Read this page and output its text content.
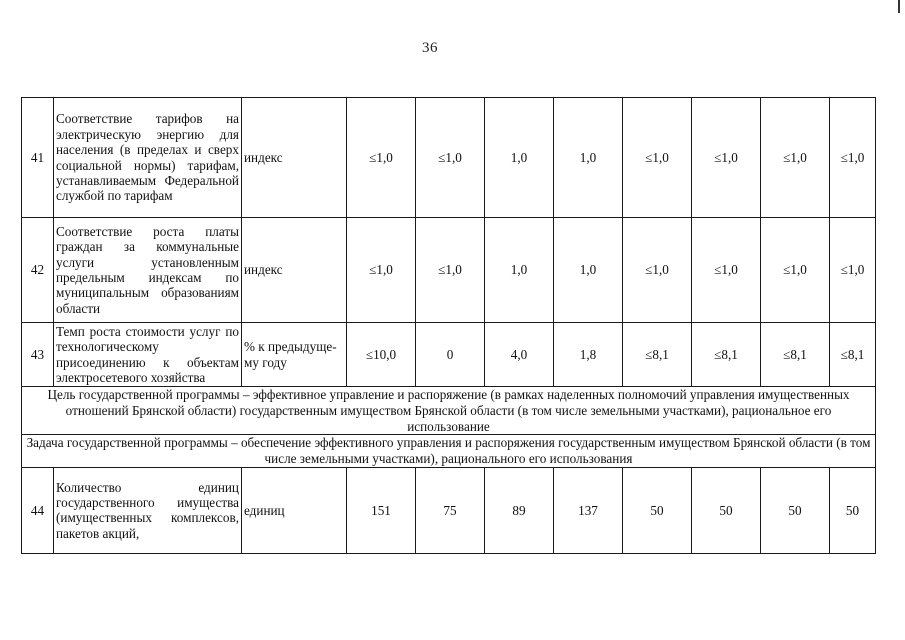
36
41	Соответствие тарифов на электрическую энергию для населения (в пределах и сверх социальной нормы) тарифам, устанавливаемым Федеральной службой по тарифам	индекс	≤1,0	≤1,0	1,0	1,0	≤1,0	≤1,0	≤1,0	≤1,0
42	Соответствие роста платы граждан за коммунальные услуги установленным предельным индексам по муниципальным образованиям области	индекс	≤1,0	≤1,0	1,0	1,0	≤1,0	≤1,0	≤1,0	≤1,0
43	Темп роста стоимости услуг по технологическому присоединению к объектам электросетевого хозяйства	% к предыдуще-му году	≤10,0	0	4,0	1,8	≤8,1	≤8,1	≤8,1	≤8,1
Цель государственной программы – эффективное управление и распоряжение (в рамках наделенных полномочий управления имущественных отношений Брянской области) государственным имуществом Брянской области (в том числе земельными участками), рациональное его использование										
Задача государственной программы – обеспечение эффективного управления и распоряжения государственным имуществом Брянской области (в том числе земельными участками), рационального его использования										
44	Количество единиц государственного имущества (имущественных комплексов, пакетов акций,	единиц	151	75	89	137	50	50	50	50
